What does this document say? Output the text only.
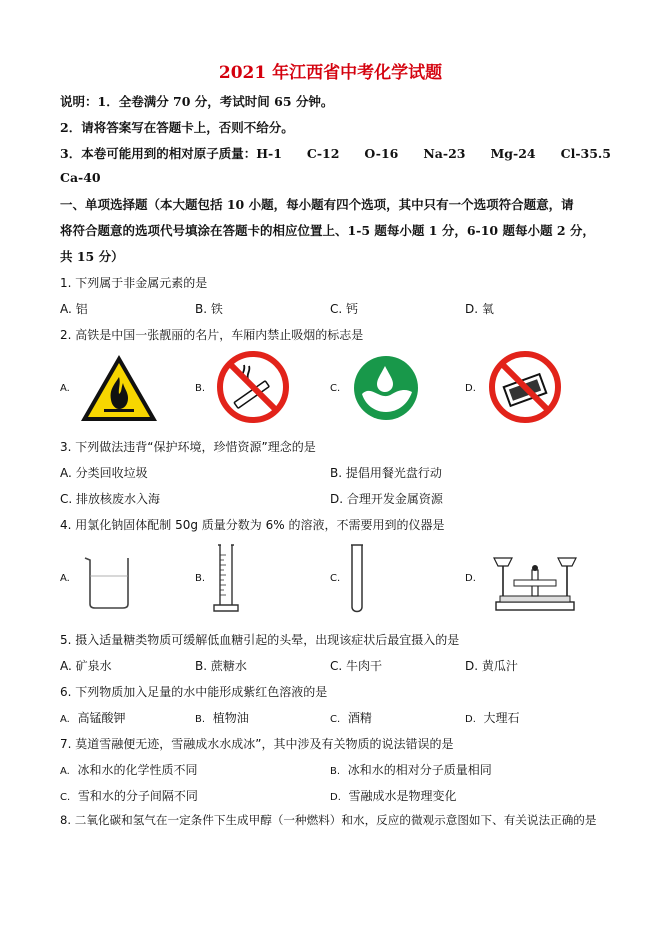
2021 年江西省中考化学试题
说明：1．全卷满分 70 分，考试时间 65 分钟。
2．请将答案写在答题卡上，否则不给分。
3．本卷可能用到的相对原子质量：H-1　　C-12　　O-16　　Na-23　　Mg-24　　Cl-35.5
Ca-40
一、单项选择题（本大题包括 10 小题，每小题有四个选项，其中只有一个选项符合题意，请
将符合题意的选项代号填涂在答题卡的相应位置上、1-5 题每小题 1 分，6-10 题每小题 2 分，
共 15 分）
1. 下列属于非金属元素的是
A. 铝	B. 铁	C. 钙	D. 氧
2. 高铁是中国一张靓丽的名片，车厢内禁止吸烟的标志是
A.	B.	C.	D.
3. 下列做法违背“保护环境，珍惜资源”理念的是
A. 分类回收垃圾	B. 提倡用餐光盘行动
C. 排放核废水入海	D. 合理开发金属资源
4. 用氯化钠固体配制 50g 质量分数为 6% 的溶液，不需要用到的仪器是
A.	B.	C.	D.
5. 摄入适量糖类物质可缓解低血糖引起的头晕，出现该症状后最宜摄入的是
A. 矿泉水	B. 蔗糖水	C. 牛肉干	D. 黄瓜汁
6. 下列物质加入足量的水中能形成紫红色溶液的是
A. 高锰酸钾	B. 植物油	C. 酒精	D. 大理石
7. 莫道雪融便无迹，雪融成水水成冰”，其中涉及有关物质的说法错误的是
A. 冰和水的化学性质不同	B. 冰和水的相对分子质量相同
C. 雪和水的分子间隔不同	D. 雪融成水是物理变化
8. 二氧化碳和氢气在一定条件下生成甲醇（一种燃料）和水，反应的微观示意图如下、有关说法正确的是
